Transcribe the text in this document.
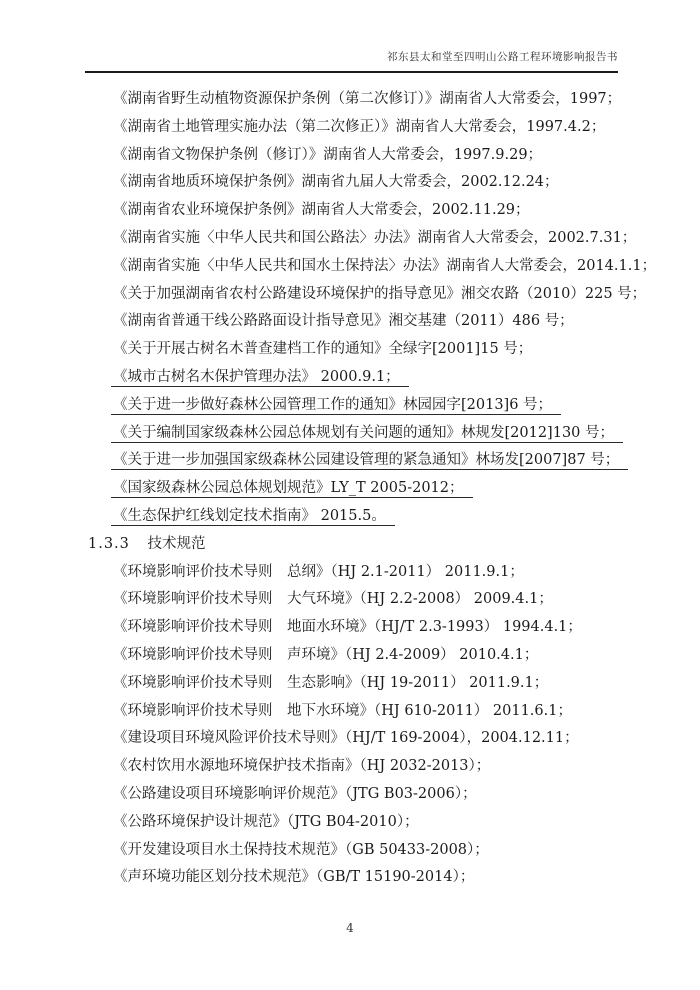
祁东县太和堂至四明山公路工程环境影响报告书
《湖南省野生动植物资源保护条例（第二次修订）》湖南省人大常委会，1997；
《湖南省土地管理实施办法（第二次修正）》湖南省人大常委会，1997.4.2；
《湖南省文物保护条例（修订）》湖南省人大常委会，1997.9.29；
《湖南省地质环境保护条例》湖南省九届人大常委会，2002.12.24；
《湖南省农业环境保护条例》湖南省人大常委会，2002.11.29；
《湖南省实施〈中华人民共和国公路法〉办法》湖南省人大常委会，2002.7.31；
《湖南省实施〈中华人民共和国水土保持法〉办法》湖南省人大常委会，2014.1.1；
《关于加强湖南省农村公路建设环境保护的指导意见》湘交农路（2010）225 号；
《湖南省普通干线公路路面设计指导意见》湘交基建（2011）486 号；
《关于开展古树名木普查建档工作的通知》全绿字[2001]15 号；
《城市古树名木保护管理办法》 2000.9.1；
《关于进一步做好森林公园管理工作的通知》林园园字[2013]6 号；
《关于编制国家级森林公园总体规划有关问题的通知》林规发[2012]130 号；
《关于进一步加强国家级森林公园建设管理的紧急通知》林场发[2007]87 号；
《国家级森林公园总体规划规范》LY_T 2005-2012；
《生态保护红线划定技术指南》 2015.5。
1.3.3 技术规范
《环境影响评价技术导则　总纲》（HJ 2.1-2011） 2011.9.1；
《环境影响评价技术导则　大气环境》（HJ 2.2-2008） 2009.4.1；
《环境影响评价技术导则　地面水环境》（HJ/T 2.3-1993） 1994.4.1；
《环境影响评价技术导则　声环境》（HJ 2.4-2009） 2010.4.1；
《环境影响评价技术导则　生态影响》（HJ 19-2011） 2011.9.1；
《环境影响评价技术导则　地下水环境》（HJ 610-2011） 2011.6.1；
《建设项目环境风险评价技术导则》（HJ/T 169-2004），2004.12.11；
《农村饮用水源地环境保护技术指南》（HJ 2032-2013）；
《公路建设项目环境影响评价规范》（JTG B03-2006）；
《公路环境保护设计规范》（JTG B04-2010）；
《开发建设项目水土保持技术规范》（GB 50433-2008）；
《声环境功能区划分技术规范》（GB/T 15190-2014）；
4
